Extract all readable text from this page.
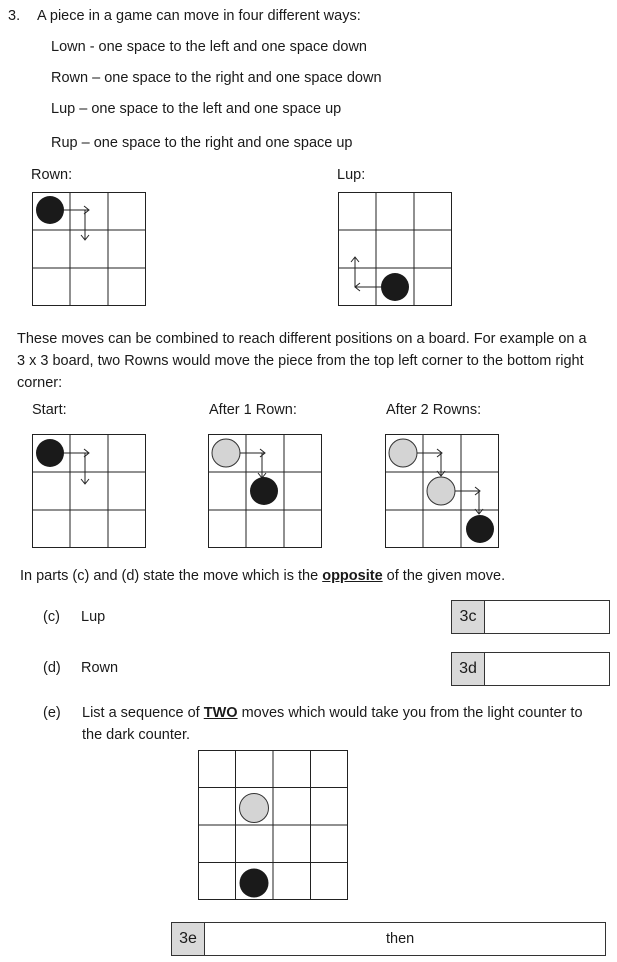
3. A piece in a game can move in four different ways:
Lown - one space to the left and one space down
Rown – one space to the right and one space down
Lup – one space to the left and one space up
Rup – one space to the right and one space up
Rown:	Lup:
These moves can be combined to reach different positions on a board. For example on a
3 x 3 board, two Rowns would move the piece from the top left corner to the bottom right
corner:
Start:	After 1 Rown:	After 2 Rowns:
In parts (c) and (d) state the move which is the opposite of the given move.
(c) Lup	3c
(d) Rown	3d
(e) List a sequence of TWO moves which would take you from the light counter to
the dark counter.
3e	then
